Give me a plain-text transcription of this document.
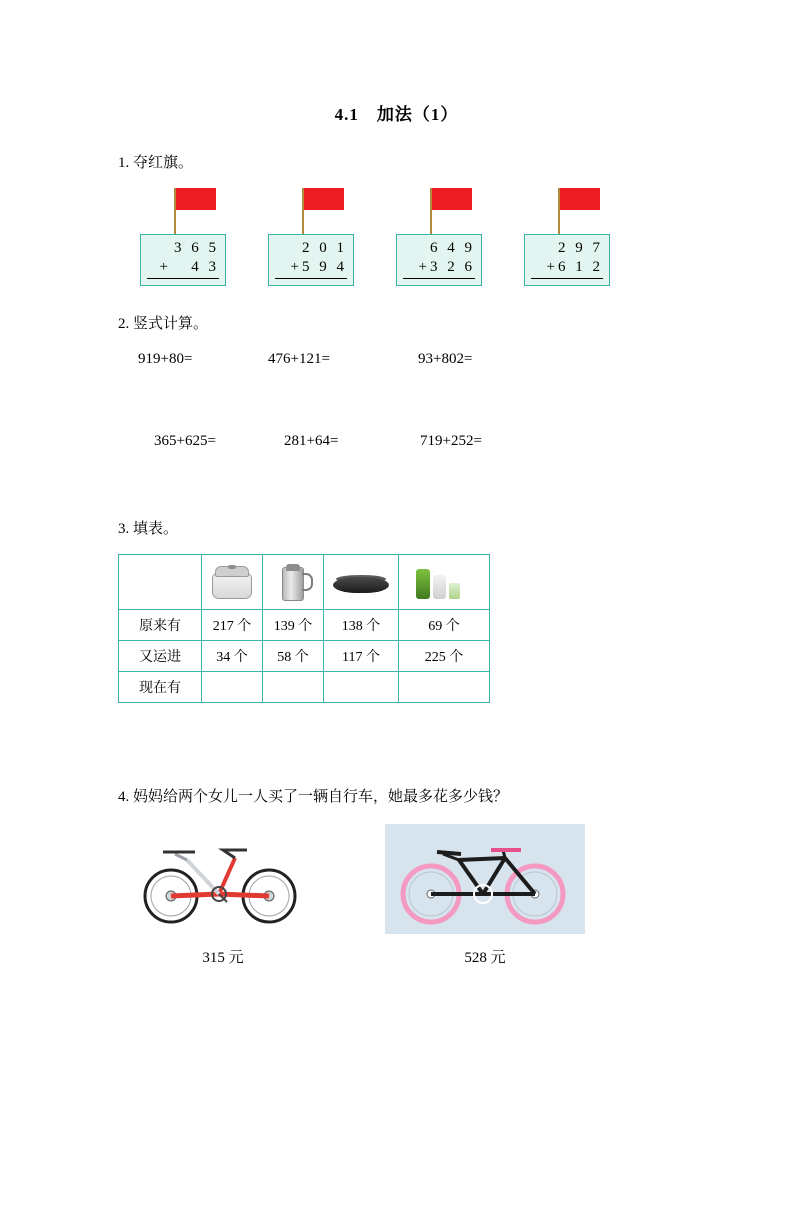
4.1　加法（1）
1. 夺红旗。
3 6 5
+   4 3
2 0 1
+5 9 4
6 4 9
+3 2 6
2 9 7
+6 1 2
2. 竖式计算。
919+80=	476+121=	93+802=
365+625=	281+64=	719+252=
3. 填表。

原来有	217 个	139 个	138 个	69 个
又运进	34 个	58 个	117 个	225 个
现在有				
4. 妈妈给两个女儿一人买了一辆自行车，她最多花多少钱？
315 元	528 元
